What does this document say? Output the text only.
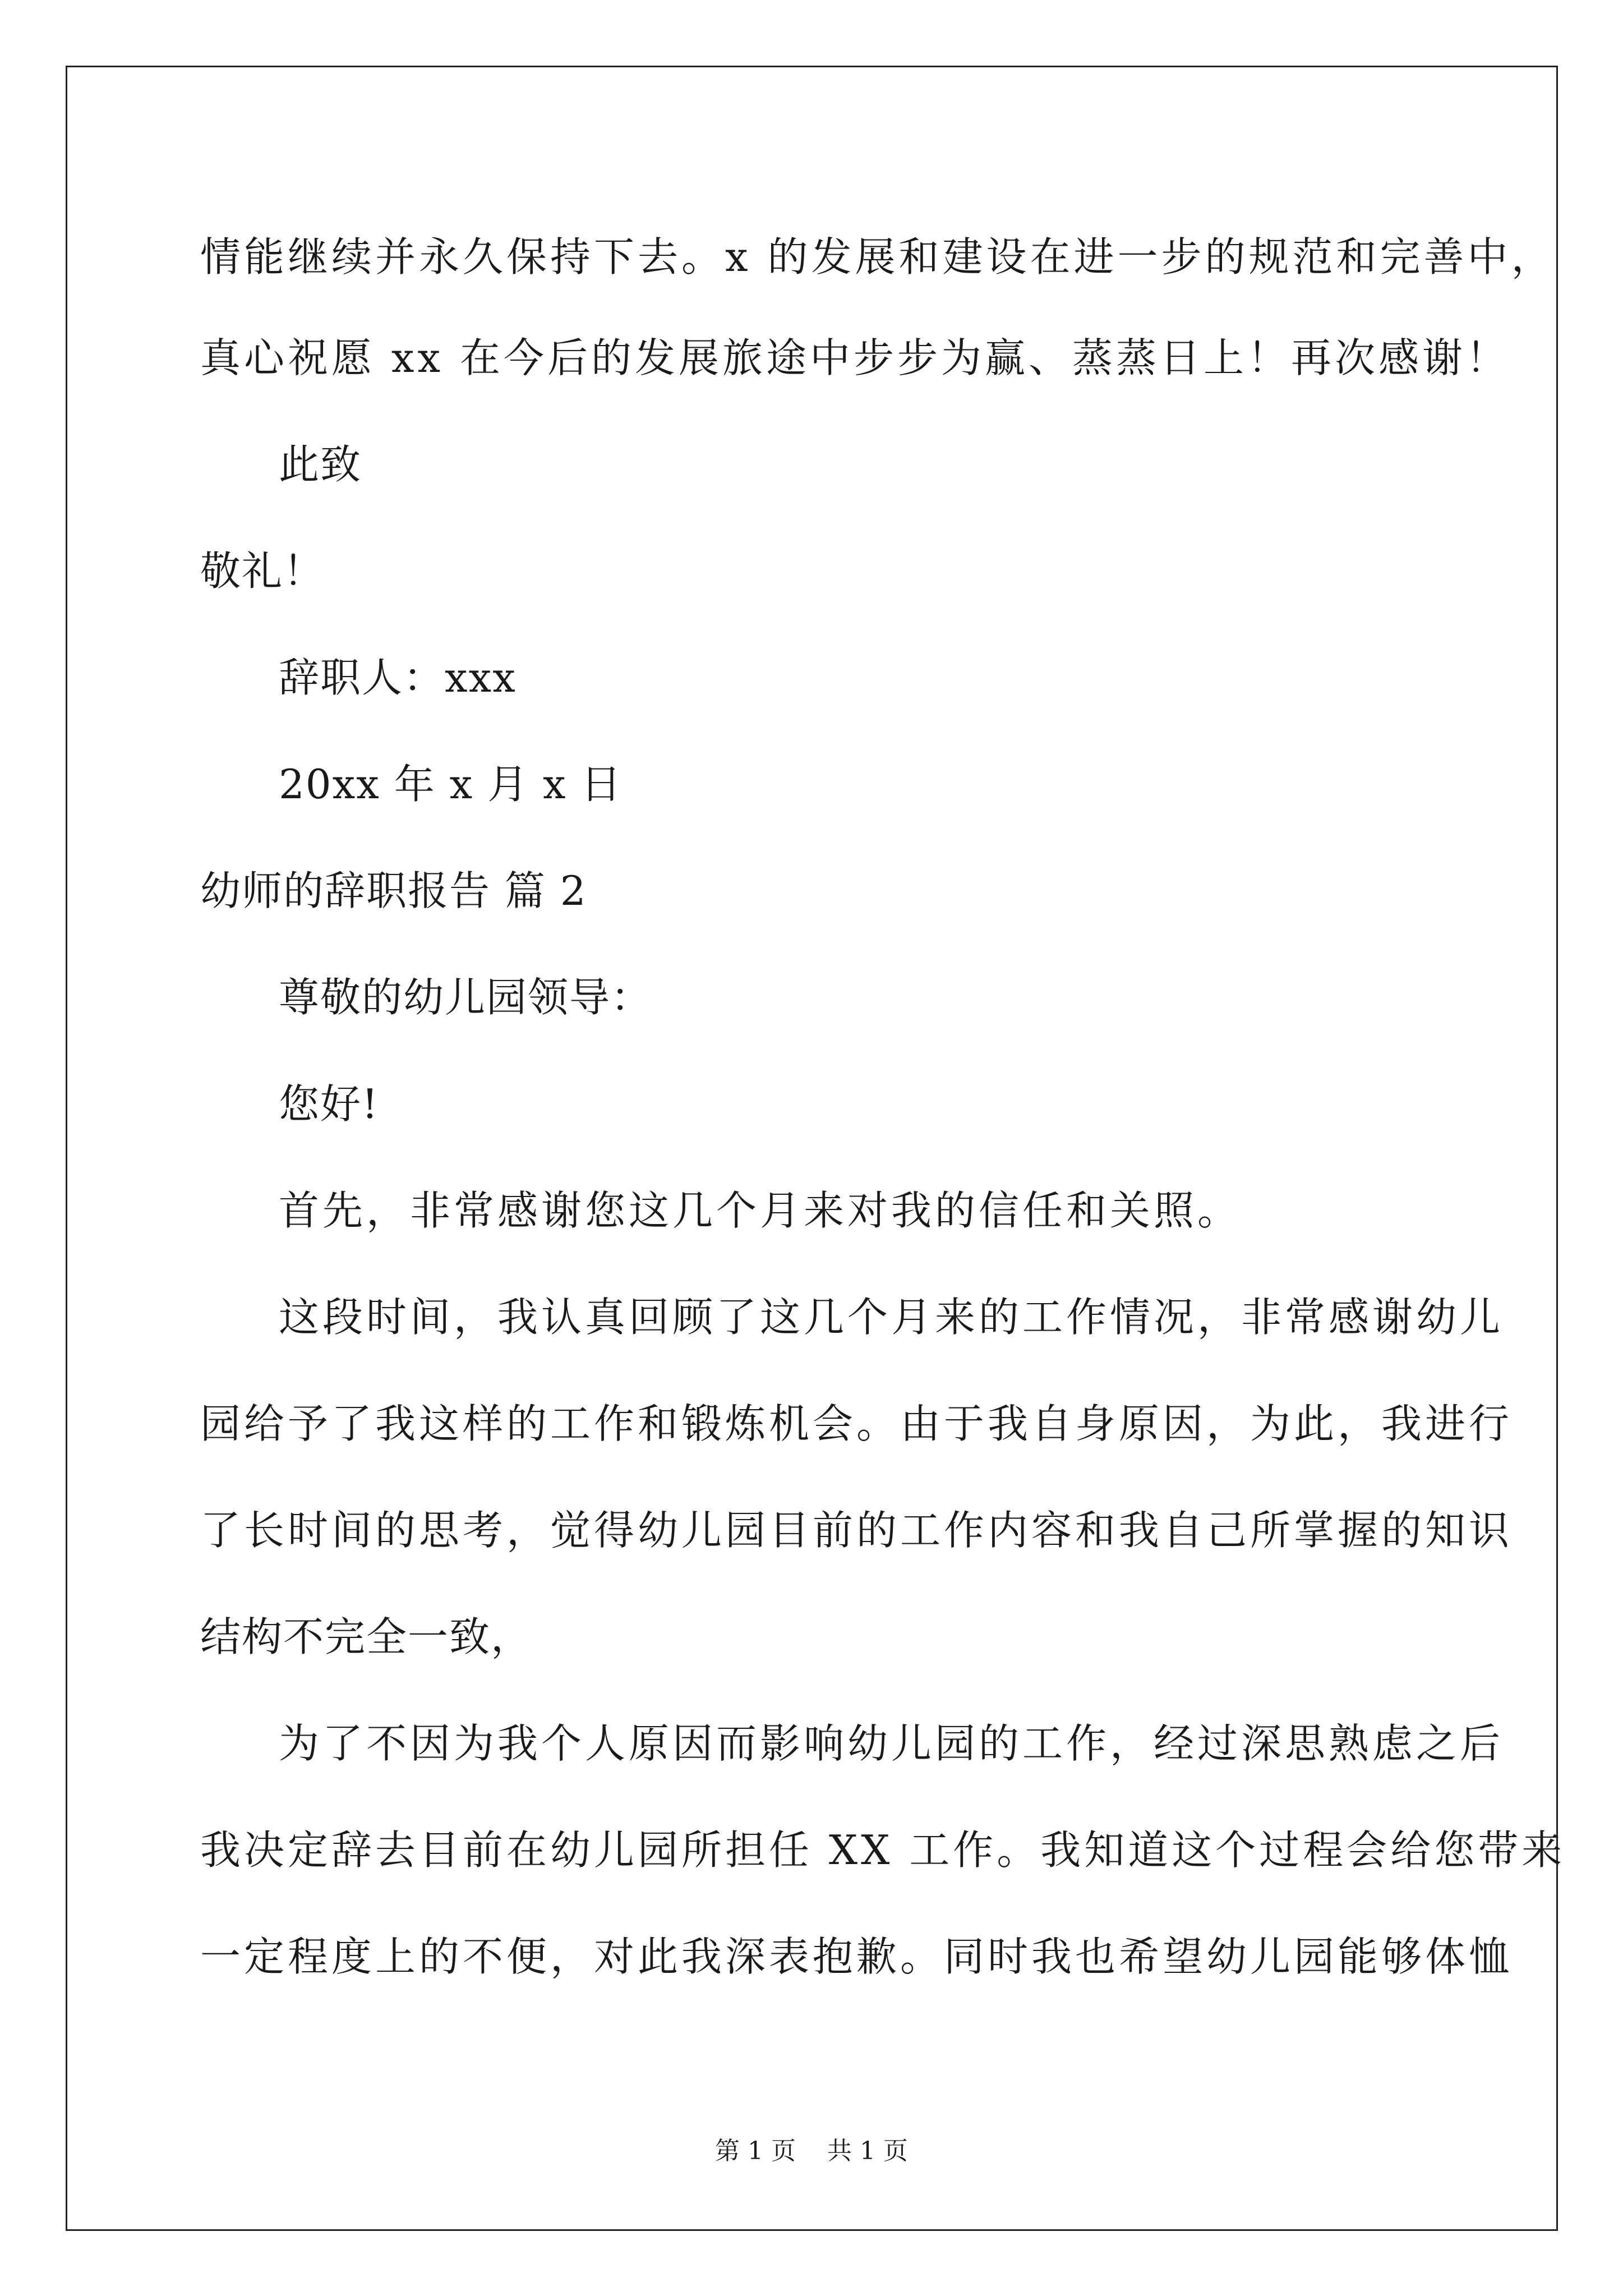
情能继续并永久保持下去。x 的发展和建设在进一步的规范和完善中，
真心祝愿 xx 在今后的发展旅途中步步为赢、蒸蒸日上！再次感谢！
此致
敬礼！
辞职人：xxx
20xx 年 x 月 x 日
幼师的辞职报告 篇 2
尊敬的幼儿园领导：
您好!
首先，非常感谢您这几个月来对我的信任和关照。
这段时间，我认真回顾了这几个月来的工作情况，非常感谢幼儿
园给予了我这样的工作和锻炼机会。由于我自身原因，为此，我进行
了长时间的思考，觉得幼儿园目前的工作内容和我自己所掌握的知识
结构不完全一致，
为了不因为我个人原因而影响幼儿园的工作，经过深思熟虑之后
我决定辞去目前在幼儿园所担任 XX 工作。我知道这个过程会给您带来
一定程度上的不便，对此我深表抱歉。同时我也希望幼儿园能够体恤
第 1 页    共 1 页
